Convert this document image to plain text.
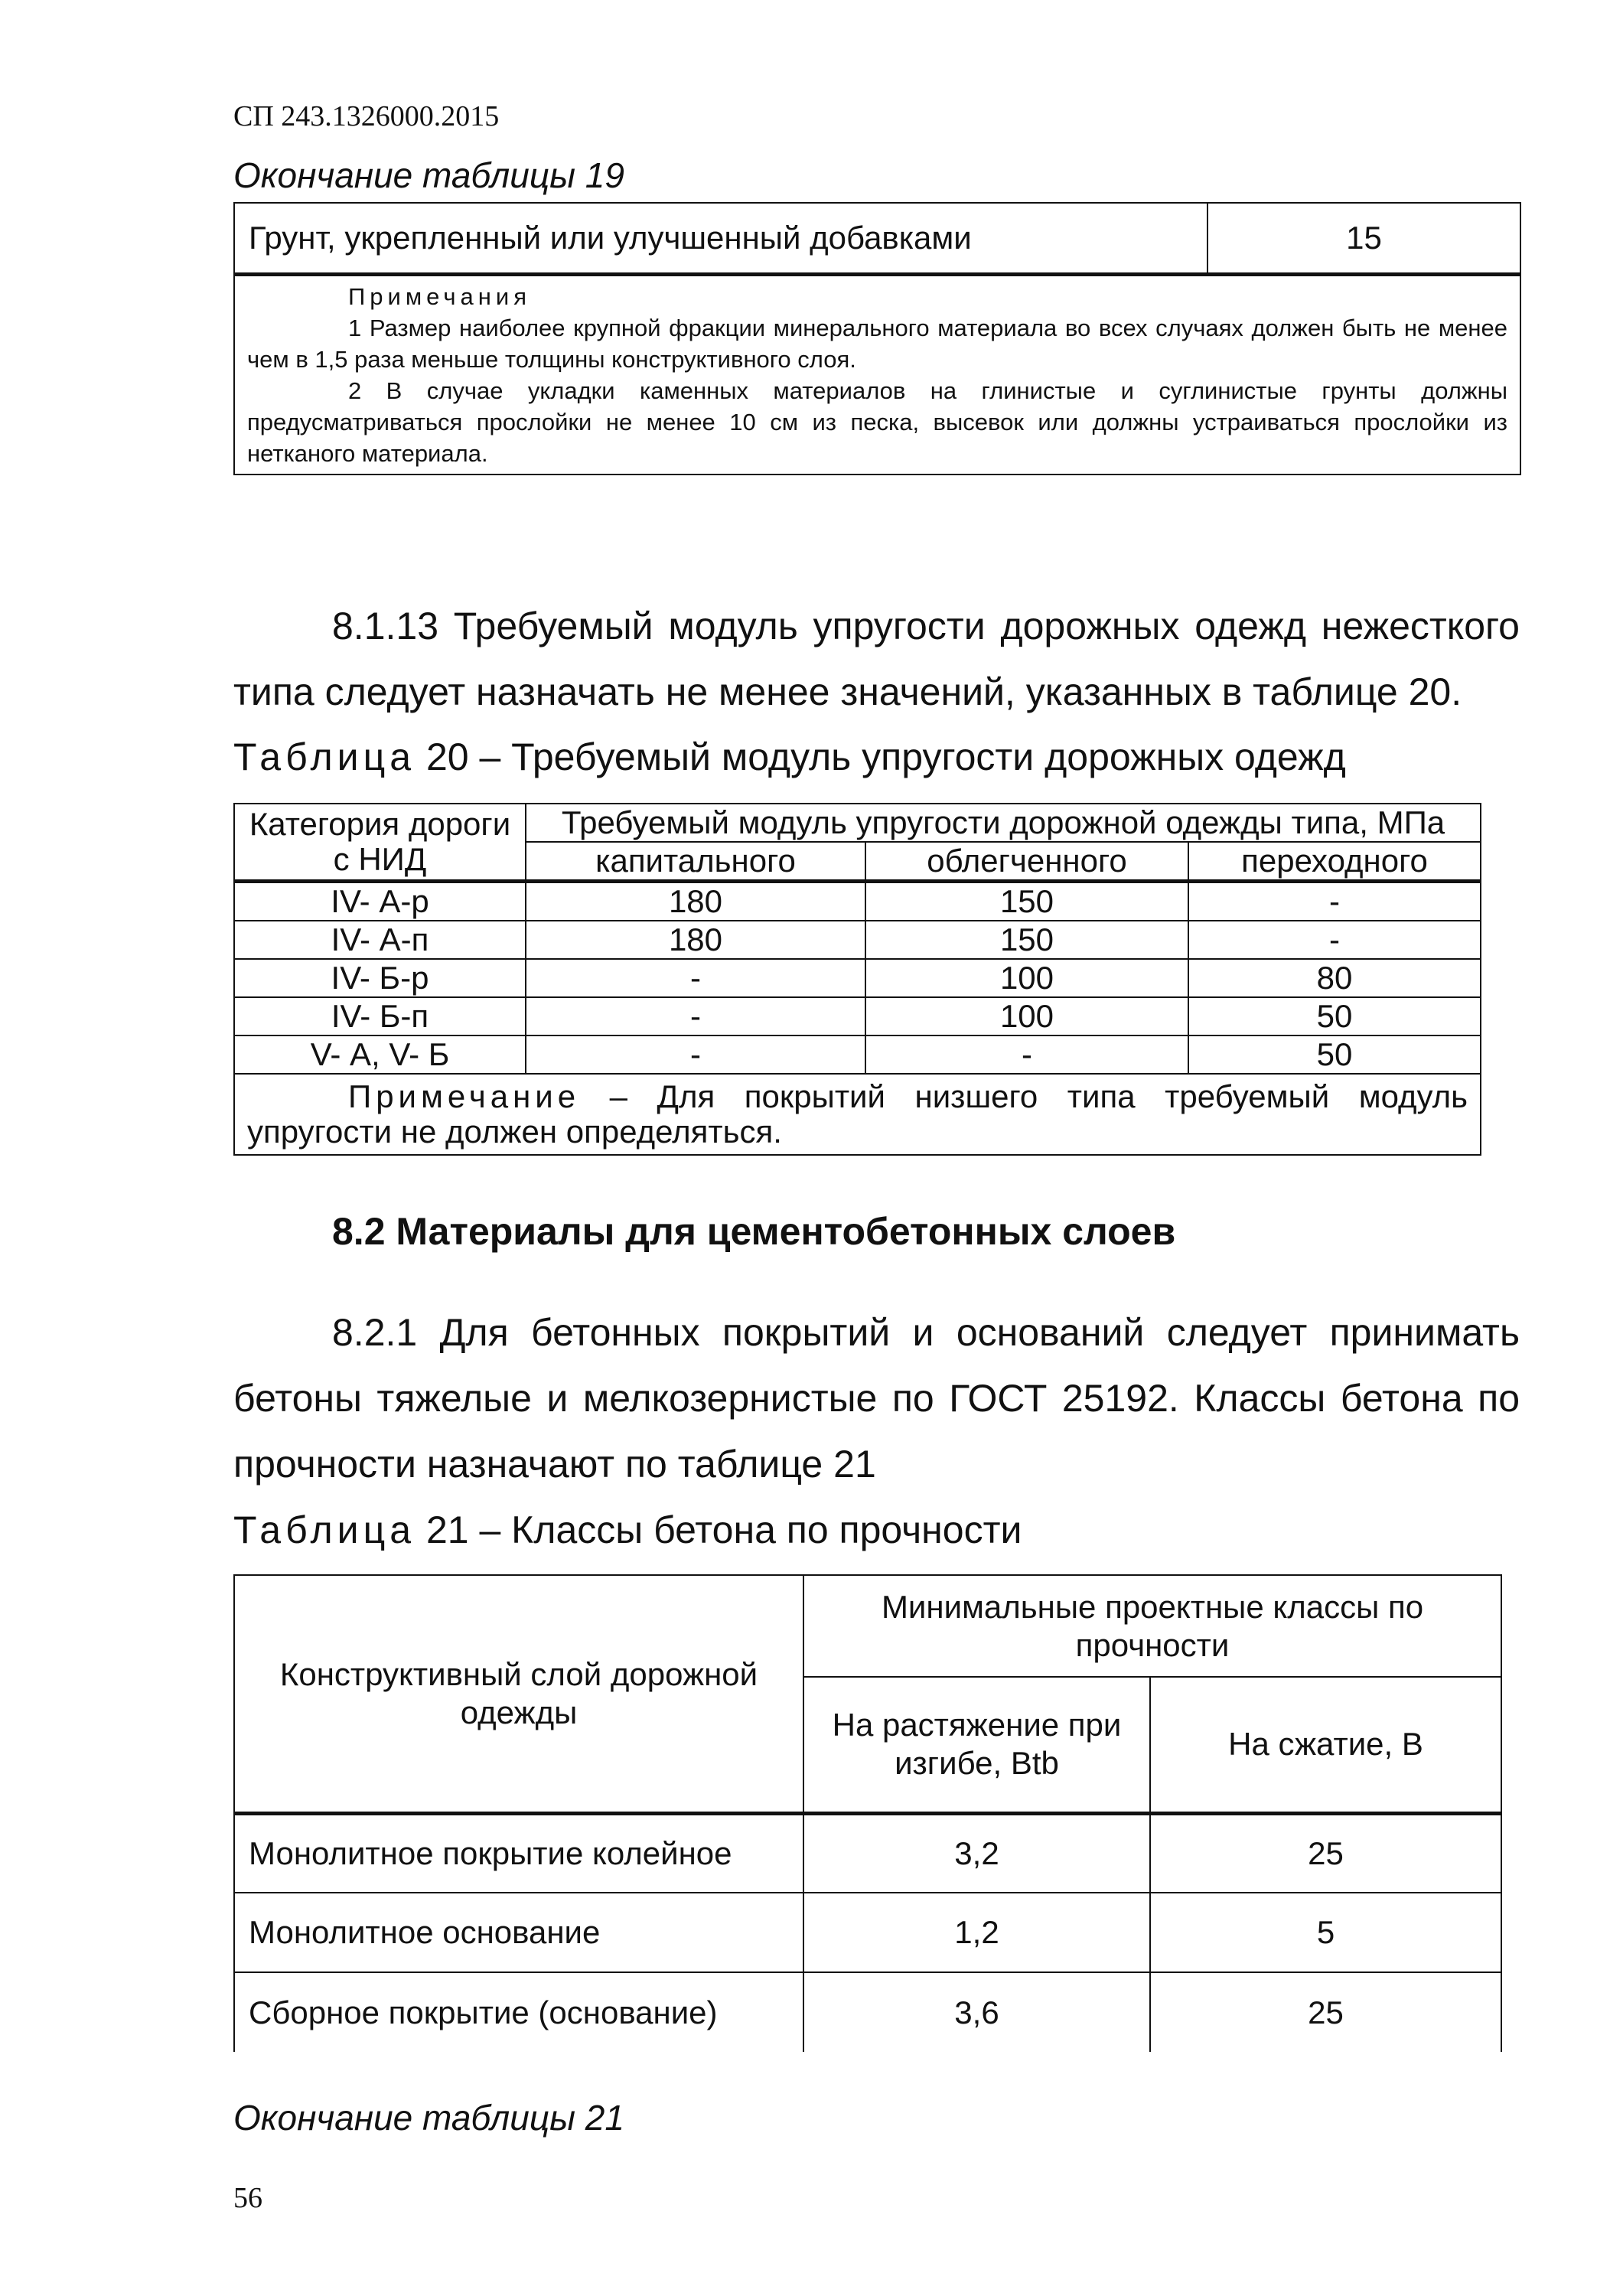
СП 243.1326000.2015
Окончание таблицы 19
Грунт, укрепленный или улучшенный добавками	15

Примечания
1 Размер наиболее крупной фракции минерального материала во всех случаях должен быть не менее чем в 1,5 раза меньше толщины конструктивного слоя.
2 В случае укладки каменных материалов на глинистые и суглинистые грунты должны предусматриваться прослойки не менее 10 см из песка, высевок или должны устраиваться прослойки из нетканого материала.
8.1.13 Требуемый модуль упругости дорожных одежд нежесткого типа следует назначать не менее значений, указанных в таблице 20.
Таблица 20 – Требуемый модуль упругости дорожных одежд
Категория дороги с НИД	Требуемый модуль упругости дорожной одежды типа, МПа		
	капитального	облегченного	переходного
IV- А-р	180	150	-
IV- А-п	180	150	-
IV- Б-р	-	100	80
IV- Б-п	-	100	50
V- А, V- Б	-	-	50
Примечание – Для покрытий низшего типа требуемый модуль упругости не должен определяться.			
8.2 Материалы для цементобетонных слоев
8.2.1 Для бетонных покрытий и оснований следует принимать бетоны тяжелые и мелкозернистые по ГОСТ 25192. Классы бетона по прочности назначают по таблице 21
Таблица 21 – Классы бетона по прочности
Конструктивный слой дорожной одежды	Минимальные проектные классы по прочности	
	На растяжение при изгибе, Btb	На сжатие, B
Монолитное покрытие колейное	3,2	25
Монолитное основание	1,2	5
Сборное покрытие (основание)	3,6	25
Окончание таблицы 21
56
